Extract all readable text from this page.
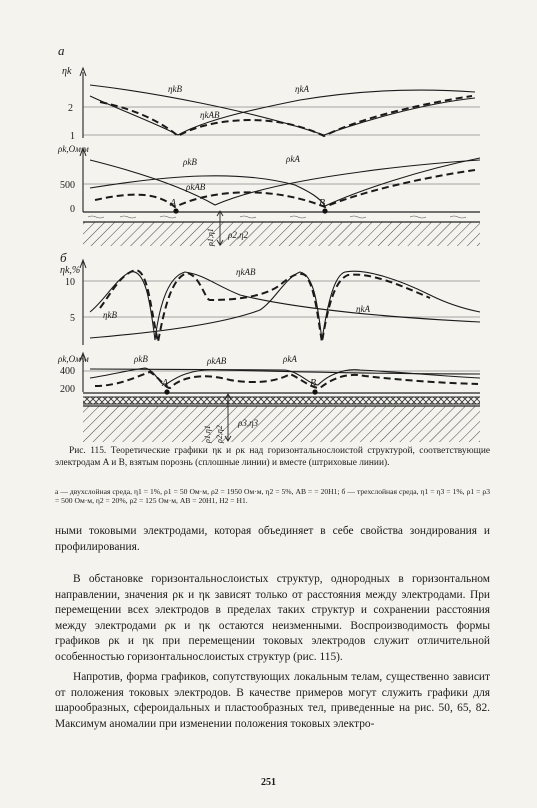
а
ηk
2
1
ηkB
ηkAB
ηkA
ρk,Ом·м
500
0
ρkB
ρkAB
ρkA
A	B
ρ1,η1 ρ2,η2
б
ηk,%
10
5
ηkAB
ηkB
ηkA
ρk,Ом·м
400
200
ρkB	ρkAB	ρkA
A	B
ρ1,η1 ρ2,η2
ρ3,η3
Рис. 115. Теоретические графики ηк и ρк над горизонтальнослоистой структурой, соответствующие электродам A и B, взятым порознь (сплошные линии) и вместе (штриховые линии).
а — двухслойная среда, η1 = 1%, ρ1 = 50 Ом·м, ρ2 = 1950 Ом·м, η2 = 5%, AB = = 20H1; б — трехслойная среда, η1 = η3 = 1%, ρ1 = ρ3 = 500 Ом·м, η2 = 20%, ρ2 = 125 Ом·м, AB = 20H1, H2 = H1.
ными токовыми электродами, которая объединяет в себе свойства зондирования и профилирования.
В обстановке горизонтальнослоистых структур, однородных в горизонтальном направлении, значения ρк и ηк зависят только от расстояния между электродами. При перемещении всех электродов в пределах таких структур и сохранении расстояния между электродами ρк и ηк остаются неизменными. Воспроизводимость формы графиков ρк и ηк при перемещении токовых электродов служит отличительной особенностью горизонтальнослоистых структур (рис. 115).
Напротив, форма графиков, сопутствующих локальным телам, существенно зависит от положения токовых электродов. В качестве примеров могут служить графики для шарообразных, сфероидальных и пластообразных тел, приведенные на рис. 50, 65, 82. Максимум аномалии при изменении положения токовых электро-
251
